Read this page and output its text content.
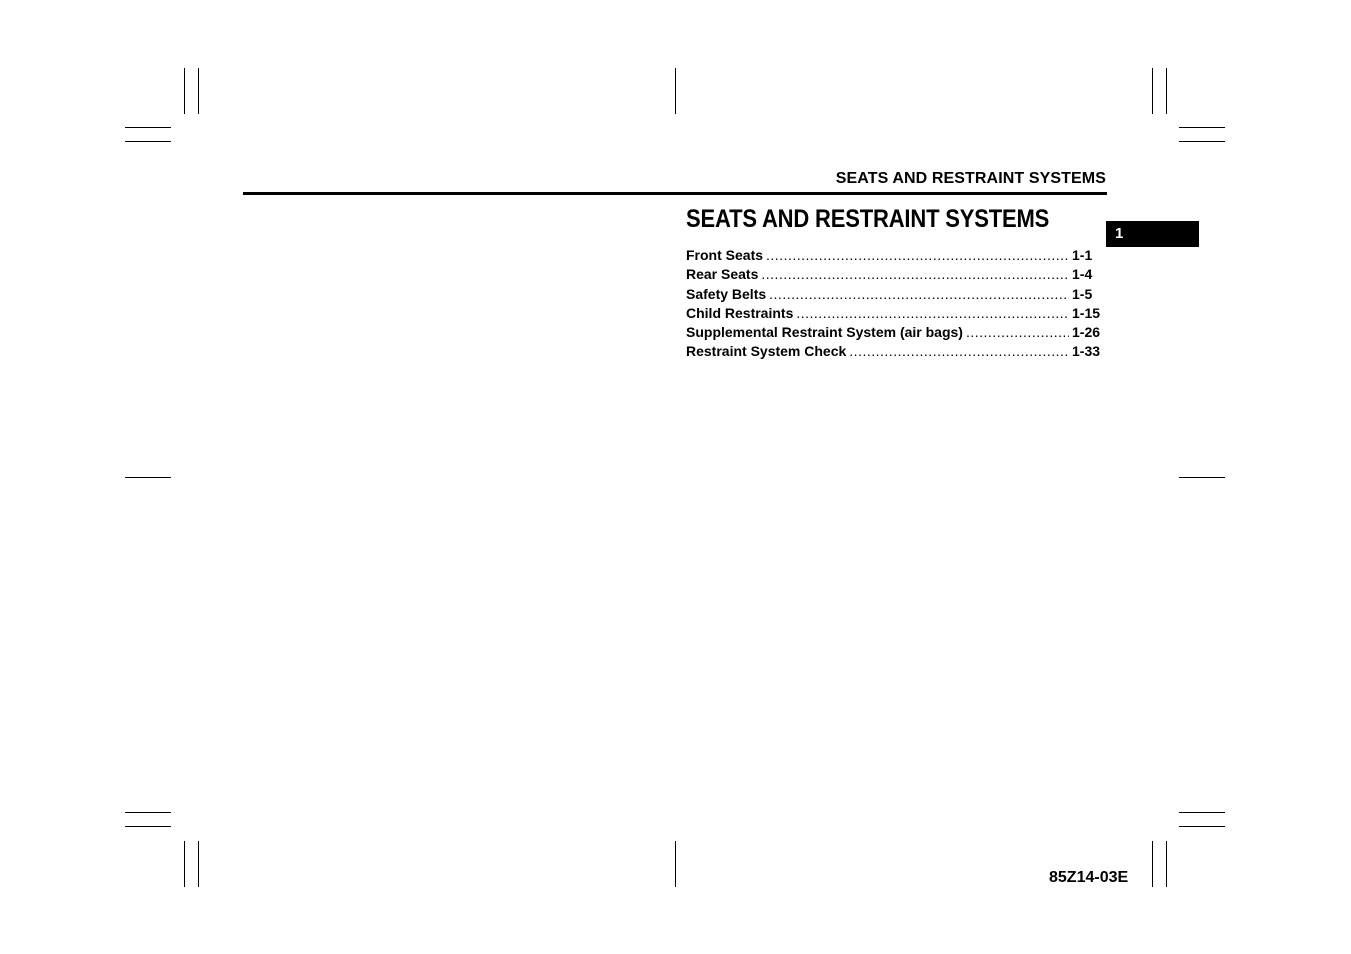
SEATS AND RESTRAINT SYSTEMS
SEATS AND RESTRAINT SYSTEMS
1
Front Seats .....	1-1
Rear Seats .....	1-4
Safety Belts .....	1-5
Child Restraints .....	1-15
Supplemental Restraint System (air bags) .....	1-26
Restraint System Check .....	1-33
85Z14-03E
